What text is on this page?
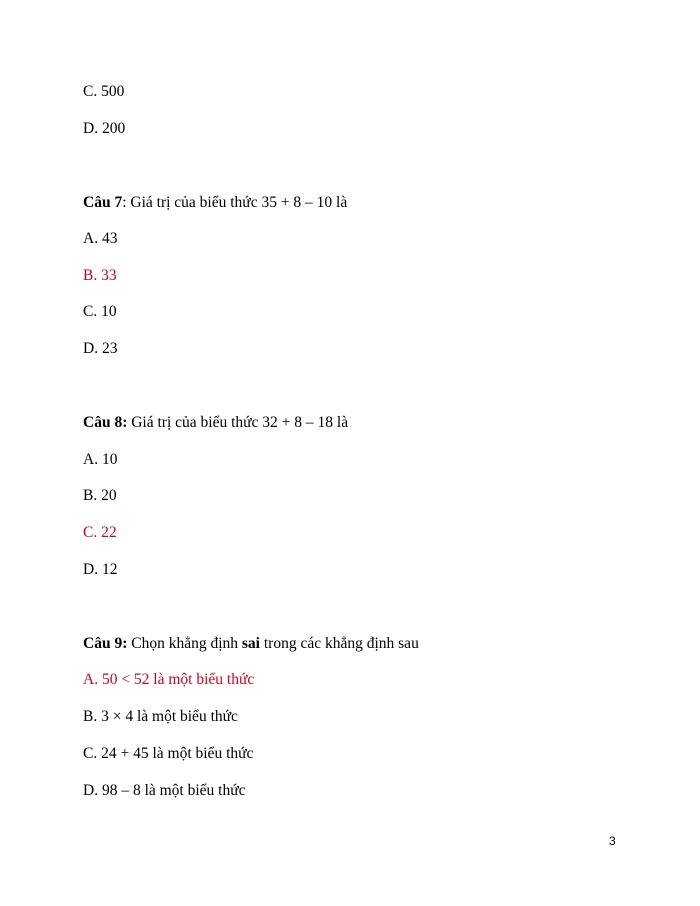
C. 500
D. 200
Câu 7: Giá trị của biểu thức 35 + 8 – 10 là
A. 43
B. 33
C. 10
D. 23
Câu 8: Giá trị của biểu thức 32 + 8 – 18 là
A. 10
B. 20
C. 22
D. 12
Câu 9: Chọn khẳng định sai trong các khẳng định sau
A. 50 < 52 là một biểu thức
B. 3 × 4 là một biểu thức
C. 24 + 45 là một biểu thức
D. 98 – 8 là một biểu thức
3
